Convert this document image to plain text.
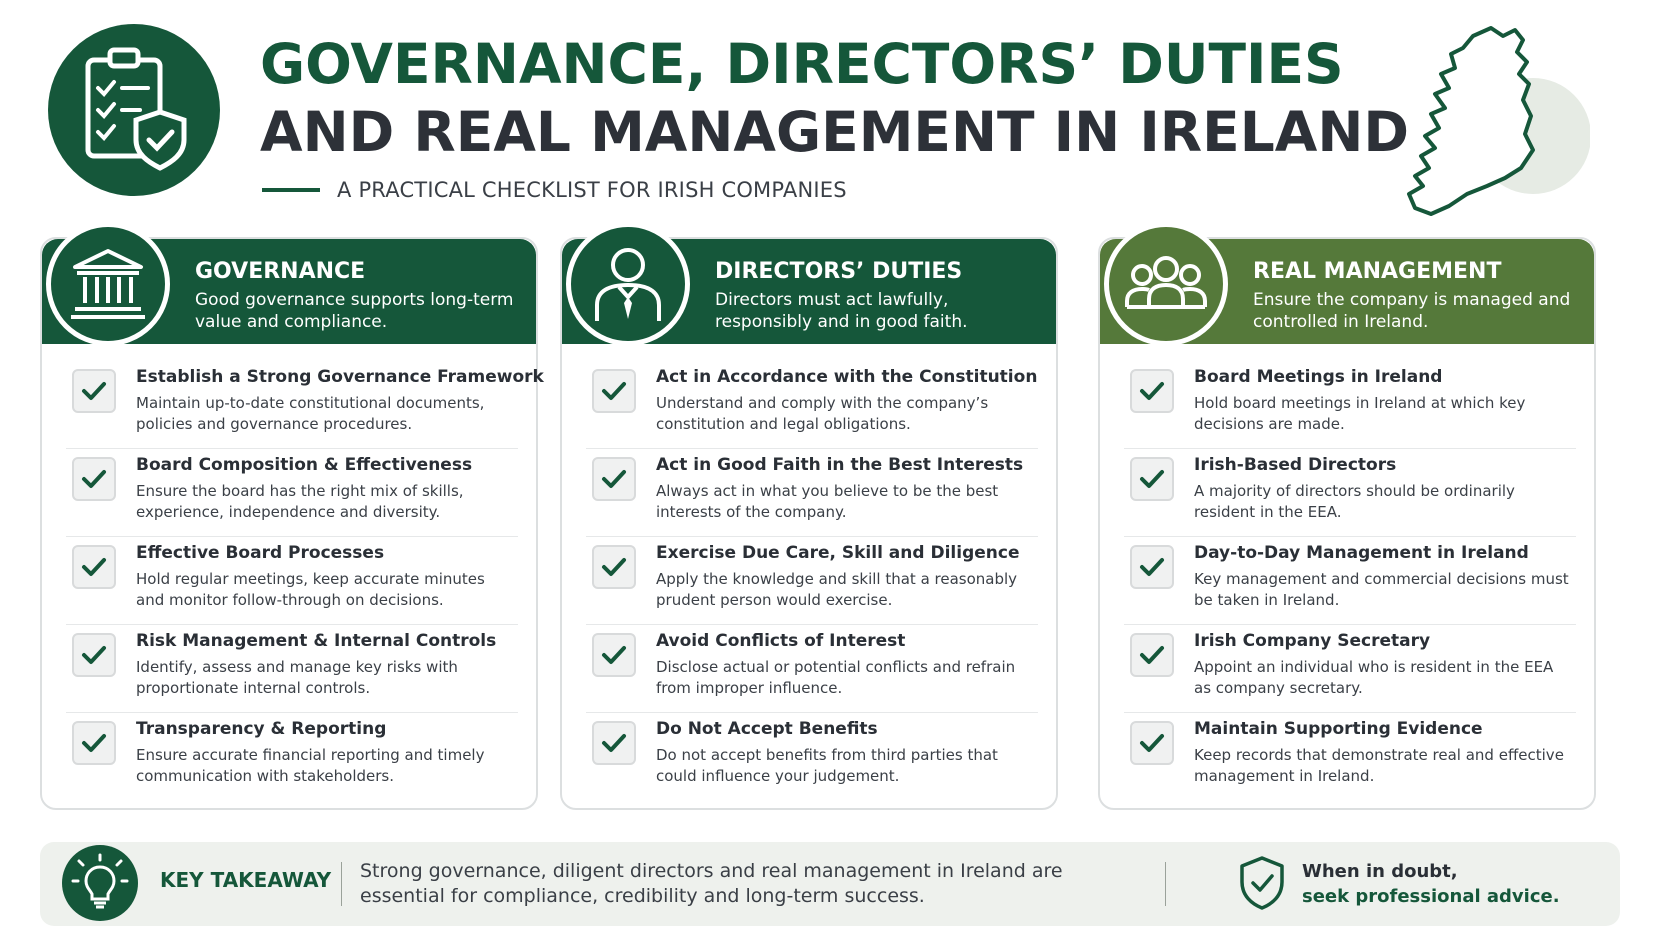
GOVERNANCE, DIRECTORS’ DUTIES
AND REAL MANAGEMENT IN IRELAND
A PRACTICAL CHECKLIST FOR IRISH COMPANIES
GOVERNANCE
Good governance supports long-term value and compliance.
Establish a Strong Governance Framework
Maintain up-to-date constitutional documents, policies and governance procedures.
Board Composition & Effectiveness
Ensure the board has the right mix of skills, experience, independence and diversity.
Effective Board Processes
Hold regular meetings, keep accurate minutes and monitor follow-through on decisions.
Risk Management & Internal Controls
Identify, assess and manage key risks with proportionate internal controls.
Transparency & Reporting
Ensure accurate financial reporting and timely communication with stakeholders.
DIRECTORS’ DUTIES
Directors must act lawfully, responsibly and in good faith.
Act in Accordance with the Constitution
Understand and comply with the company’s constitution and legal obligations.
Act in Good Faith in the Best Interests
Always act in what you believe to be the best interests of the company.
Exercise Due Care, Skill and Diligence
Apply the knowledge and skill that a reasonably prudent person would exercise.
Avoid Conflicts of Interest
Disclose actual or potential conflicts and refrain from improper influence.
Do Not Accept Benefits
Do not accept benefits from third parties that could influence your judgement.
REAL MANAGEMENT
Ensure the company is managed and controlled in Ireland.
Board Meetings in Ireland
Hold board meetings in Ireland at which key decisions are made.
Irish-Based Directors
A majority of directors should be ordinarily resident in the EEA.
Day-to-Day Management in Ireland
Key management and commercial decisions must be taken in Ireland.
Irish Company Secretary
Appoint an individual who is resident in the EEA as company secretary.
Maintain Supporting Evidence
Keep records that demonstrate real and effective management in Ireland.
KEY TAKEAWAY Strong governance, diligent directors and real management in Ireland are essential for compliance, credibility and long-term success.
When in doubt,
seek professional advice.
